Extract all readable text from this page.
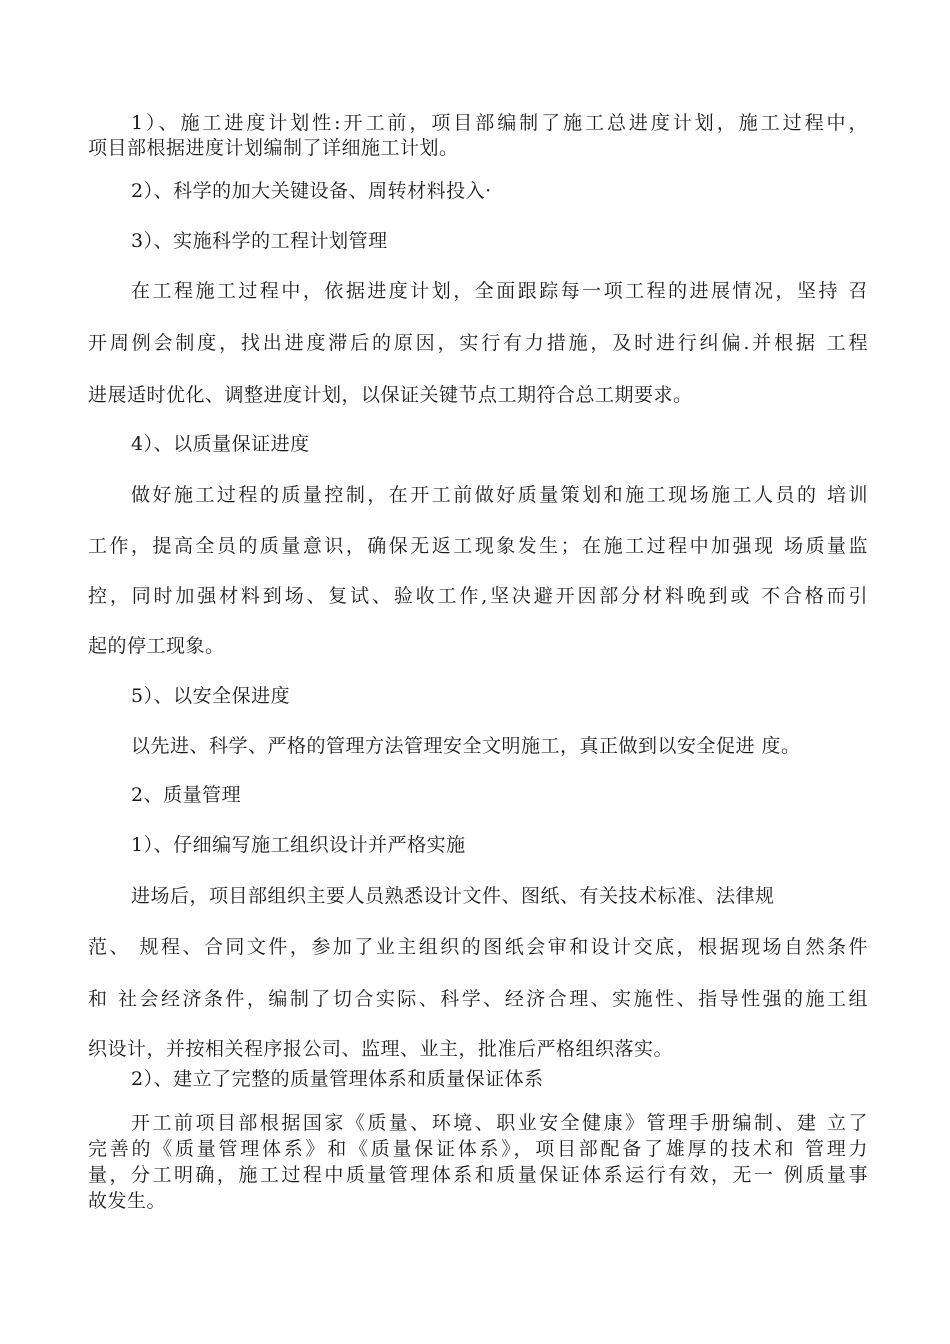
1）、施工进度计划性:开工前，项目部编制了施工总进度计划，施工过程中，
项目部根据进度计划编制了详细施工计划。
2）、科学的加大关键设备、周转材料投入·
3）、实施科学的工程计划管理
在工程施工过程中，依据进度计划，全面跟踪每一项工程的进展情况，坚持 召
开周例会制度，找出进度滞后的原因，实行有力措施，及时进行纠偏.并根据 工程
进展适时优化、调整进度计划，以保证关键节点工期符合总工期要求。
4）、以质量保证进度
做好施工过程的质量控制，在开工前做好质量策划和施工现场施工人员的 培训
工作，提高全员的质量意识，确保无返工现象发生；在施工过程中加强现 场质量监
控，同时加强材料到场、复试、验收工作,坚决避开因部分材料晚到或 不合格而引
起的停工现象。
5）、以安全保进度
以先进、科学、严格的管理方法管理安全文明施工，真正做到以安全促进 度。
2、质量管理
1）、仔细编写施工组织设计并严格实施
进场后，项目部组织主要人员熟悉设计文件、图纸、有关技术标准、法律规
范、 规程、合同文件，参加了业主组织的图纸会审和设计交底，根据现场自然条件
和 社会经济条件，编制了切合实际、科学、经济合理、实施性、指导性强的施工组
织设计，并按相关程序报公司、监理、业主，批准后严格组织落实。
2）、建立了完整的质量管理体系和质量保证体系
开工前项目部根据国家《质量、环境、职业安全健康》管理手册编制、建 立了
完善的《质量管理体系》和《质量保证体系》，项目部配备了雄厚的技术和 管理力
量，分工明确，施工过程中质量管理体系和质量保证体系运行有效，无一 例质量事
故发生。
